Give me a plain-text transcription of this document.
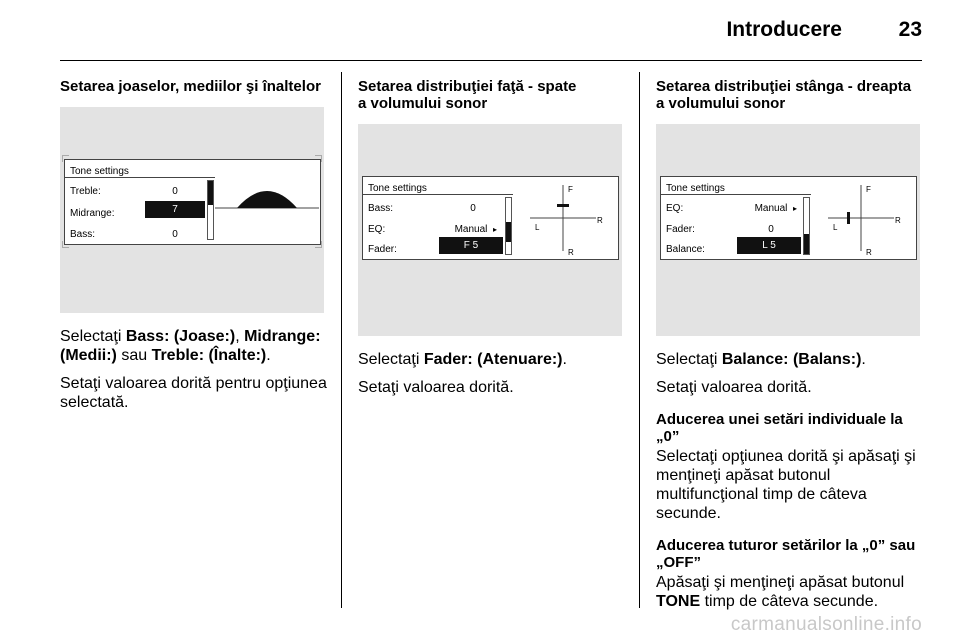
Introducere	23
Setarea joaselor, mediilor şi înaltelor
Tone settings
Treble:	0
Midrange:	7
Bass:	0

Selectaţi Bass: (Joase:), Midrange: (Medii:) sau Treble: (Înalte:).

Setaţi valoarea dorită pentru opţiunea selectată.

Setarea distribuţiei faţă - spate
a volumului sonor
Tone settings
Bass:	0
EQ:	Manual ▸
Fader:	F 5
F
R
L
R

Selectaţi Fader: (Atenuare:).

Setaţi valoarea dorită.

Setarea distribuţiei stânga - dreapta
a volumului sonor
Tone settings
EQ:	Manual ▸
Fader:	0
Balance:	L 5
F
R
L
R

Selectaţi Balance: (Balans:).

Setaţi valoarea dorită.

Aducerea unei setări individuale la „0”

Selectaţi opţiunea dorită şi apăsaţi şi menţineţi apăsat butonul multifuncţional timp de câteva secunde.

Aducerea tuturor setărilor la „0” sau „OFF”

Apăsaţi şi menţineţi apăsat butonul TONE timp de câteva secunde.

carmanualsonline.info
